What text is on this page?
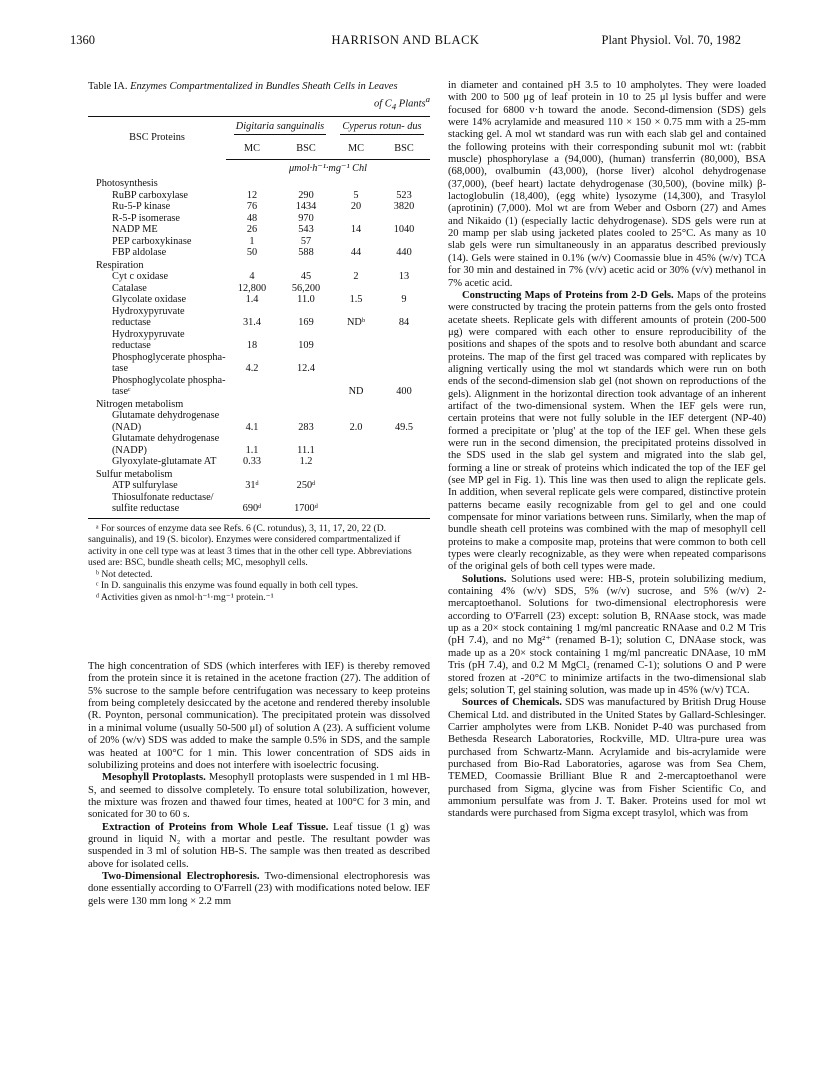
1360	HARRISON AND BLACK	Plant Physiol. Vol. 70, 1982
Table IA. Enzymes Compartmentalized in Bundles Sheath Cells in Leaves
of $C_4$ Plants$^a$
BSC Proteins	Digitaria sanguinalis		Cyperus rotun- dus	
	MC	BSC	MC	BSC
	μmol·h⁻¹·mg⁻¹ Chl			
Photosynthesis				
RuBP carboxylase	12	290	5	523
Ru-5-P kinase	76	1434	20	3820
R-5-P isomerase	48	970		
NADP ME	26	543	14	1040
PEP carboxykinase	1	57		
FBP aldolase	50	588	44	440
Respiration				
Cyt c oxidase	4	45	2	13
Catalase	12,800	56,200		
Glycolate oxidase	1.4	11.0	1.5	9
Hydroxypyruvate reductase	31.4	169	NDᵇ	84
Hydroxypyruvate reductase	18	109		
Phosphoglycerate phospha- tase	4.2	12.4		
Phosphoglycolate phospha- taseᶜ			ND	400
Nitrogen metabolism				
Glutamate dehydrogenase (NAD)	4.1	283	2.0	49.5
Glutamate dehydrogenase (NADP)	1.1	11.1		
Glyoxylate-glutamate AT	0.33	1.2		
Sulfur metabolism				
ATP sulfurylase	31ᵈ	250ᵈ		
Thiosulfonate reductase/ sulfite reductase	690ᵈ	1700ᵈ		

ᵃ For sources of enzyme data see Refs. 6 (C. rotundus), 3, 11, 17, 20, 22 (D. sanguinalis), and 19 (S. bicolor). Enzymes were considered compartmentalized if activity in one cell type was at least 3 times that in the other cell type. Abbreviations used are: BSC, bundle sheath cells; MC, mesophyll cells.

ᵇ Not detected.

ᶜ In D. sanguinalis this enzyme was found equally in both cell types.

ᵈ Activities given as nmol·h⁻¹·mg⁻¹ protein.⁻¹

The high concentration of SDS (which interferes with IEF) is thereby removed from the protein since it is retained in the acetone fraction (27). The addition of 5% sucrose to the sample before centrifugation was necessary to keep proteins from being completely desiccated by the acetone and rendered thereby insoluble (R. Poynton, personal communication). The precipitated protein was dissolved in a minimal volume (usually 50-500 μl) of solution A (23). A sufficient volume of 20% (w/v) SDS was added to make the sample 0.5% in SDS, and the sample was heated at 100°C for 1 min. This lower concentration of SDS aids in solubilizing proteins and does not interfere with isoelectric focusing.

Mesophyll Protoplasts. Mesophyll protoplasts were suspended in 1 ml HB-S, and seemed to dissolve completely. To ensure total solubilization, however, the mixture was frozen and thawed four times, heated at 100°C for 3 min, and sonicated for 30 to 60 s.

Extraction of Proteins from Whole Leaf Tissue. Leaf tissue (1 g) was ground in liquid N₂ with a mortar and pestle. The resultant powder was suspended in 3 ml of solution HB-S. The sample was then treated as described above for isolated cells.

Two-Dimensional Electrophoresis. Two-dimensional electrophoresis was done essentially according to O'Farrell (23) with modifications noted below. IEF gels were 130 mm long × 2.2 mm

in diameter and contained pH 3.5 to 10 ampholytes. They were loaded with 200 to 500 μg of leaf protein in 10 to 25 μl lysis buffer and were focused for 6800 v·h toward the anode. Second-dimension (SDS) gels were 14% acrylamide and measured 110 × 150 × 0.75 mm with a 25-mm stacking gel. A mol wt standard was run with each slab gel and contained the following proteins with their corresponding subunit mol wt: (rabbit muscle) phosphorylase a (94,000), (human) transferrin (80,000), BSA (68,000), ovalbumin (43,000), (horse liver) alcohol dehydrogenase (37,000), (beef heart) lactate dehydrogenase (30,500), (bovine milk) β-lactoglobulin (18,400), (egg white) lysozyme (14,300), and Trasylol (aprotinin) (7,000). Mol wt are from Weber and Osborn (27) and Ames and Nikaido (1) (especially lactic dehydrogenase). SDS gels were run at 20 mamp per slab using jacketed plates cooled to 25°C. As many as 10 slab gels were run simultaneously in an apparatus described previously (14). Gels were stained in 0.1% (w/v) Coomassie blue in 45% (w/v) TCA for 30 min and destained in 7% (v/v) acetic acid or 30% (v/v) methanol in 7% acetic acid.

Constructing Maps of Proteins from 2-D Gels. Maps of the proteins were constructed by tracing the protein patterns from the gels onto frosted acetate sheets. Replicate gels with different amounts of protein (200-500 μg) were compared with each other to ensure reproducibility of the positions and shapes of the spots and to resolve both abundant and scarce proteins. The map of the first gel traced was compared with replicates by aligning vertically using the mol wt standards which were run on both ends of the second-dimension slab gel (not shown on reproductions of the gels). Alignment in the horizontal direction took advantage of an inherent artifact of the two-dimensional system. When the IEF gels were run, certain proteins that were not fully soluble in the IEF detergent (NP-40) formed a precipitate or 'plug' at the top of the IEF gel. When these gels were run in the second dimension, the precipitated proteins dissolved in the SDS used in the slab gel system and migrated into the slab gel, forming a line or streak of proteins which indicated the top of the IEF gel (see MP gel in Fig. 1). This line was then used to align the replicate gels. In addition, when several replicate gels were compared, distinctive protein patterns became easily recognizable from gel to gel and one could compensate for minor variations between runs. Similarly, when the map of bundle sheath cell proteins was combined with the map of mesophyll cell proteins to make a composite map, proteins that were common to both cell types were clearly recognizable, as they were when repeated comparisons of the original gels of both cell types were made.

Solutions. Solutions used were: HB-S, protein solubilizing medium, containing 4% (w/v) SDS, 5% (w/v) sucrose, and 5% (w/v) 2-mercaptoethanol. Solutions for two-dimensional electrophoresis were according to O'Farrell (23) except: solution B, RNAase stock, was made up as a 20× stock containing 1 mg/ml pancreatic RNAase and 0.2 M Tris (pH 7.4), and no Mg²⁺ (renamed B-1); solution C, DNAase stock, was made up as a 20× stock containing 1 mg/ml pancreatic DNAase, 10 mM Tris (pH 7.4), and 0.2 M MgCl₂ (renamed C-1); solutions O and P were stored frozen at -20°C to minimize artifacts in the two-dimensional slab gels; solution T, gel staining solution, was made up in 45% (w/v) TCA.

Sources of Chemicals. SDS was manufactured by British Drug House Chemical Ltd. and distributed in the United States by Gallard-Schlesinger. Carrier ampholytes were from LKB. Nonidet P-40 was purchased from Bethesda Research Laboratories, Rockville, MD. Ultra-pure urea was purchased from Schwartz-Mann. Acrylamide and bis-acrylamide were purchased from Bio-Rad Laboratories, agarose was from Sea Chem, TEMED, Coomassie Brilliant Blue R and 2-mercaptoethanol were purchased from Sigma, glycine was from Fisher Scientific Co, and ammonium persulfate was from J. T. Baker. Proteins used for mol wt standards were purchased from Sigma except trasylol, which was from
